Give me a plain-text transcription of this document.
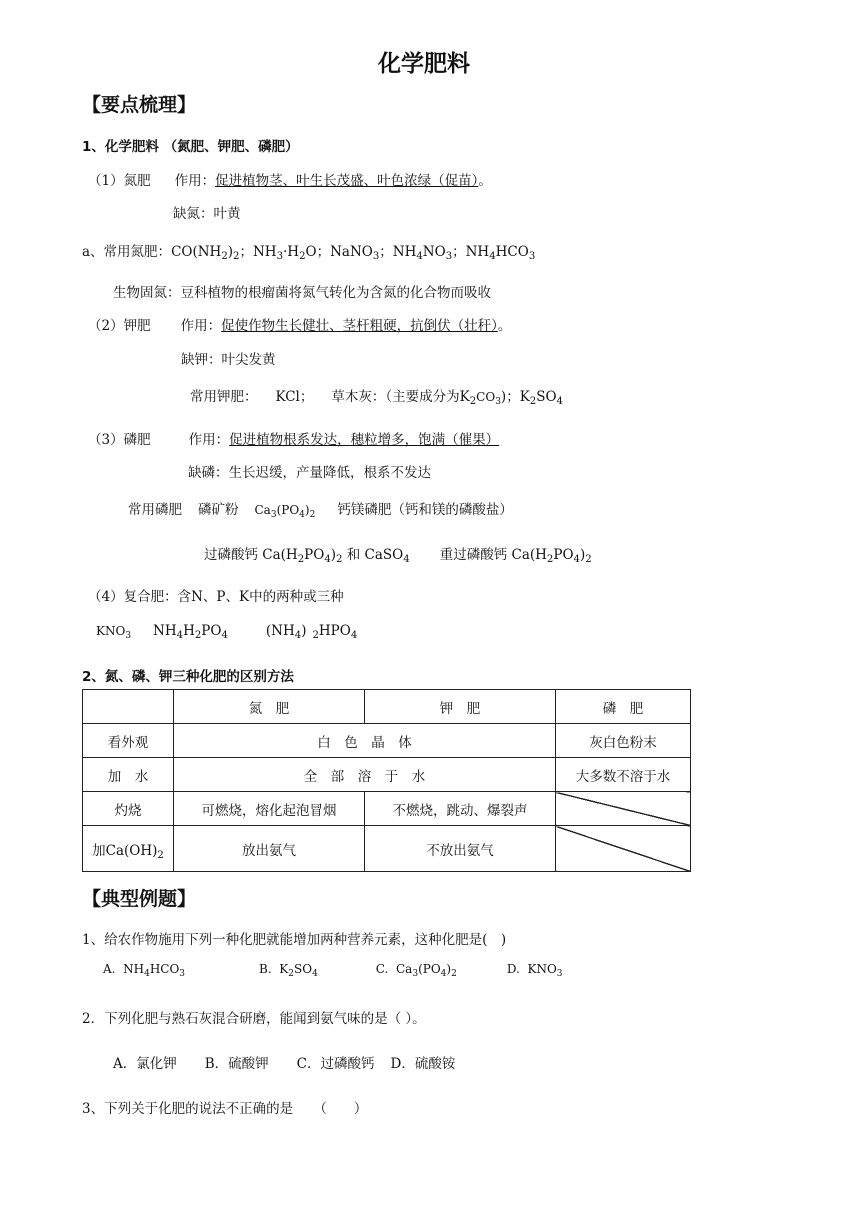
化学肥料
【要点梳理】
1、化学肥料 （氮肥、钾肥、磷肥）
（1）氮肥 作用：促进植物茎、叶生长茂盛、叶色浓绿（促苗）。
缺氮：叶黄
a、常用氮肥：$CO(NH_2)_2$；$NH_3\cdot H_2O$；NaNO$_3$；$NH_4NO_3$；$NH_4HCO_3$
生物固氮：豆科植物的根瘤菌将氮气转化为含氮的化合物而吸收
（2）钾肥 作用：促使作物生长健壮、茎杆粗硬，抗倒伏（壮秆）。
缺钾：叶尖发黄
常用钾肥： KCl； 草木灰：（主要成分为$K_2CO_3$)；$K_2SO_4$
（3）磷肥	作用：促进植物根系发达，穗粒增多，饱满（催果）
缺磷：生长迟缓，产量降低，根系不发达
常用磷肥 磷矿粉 $Ca_3(PO_4)_2$ 钙镁磷肥（钙和镁的磷酸盐）
过磷酸钙 $Ca(H_2PO_4)_2$ 和 CaSO$_4$ 重过磷酸钙 $Ca(H_2PO_4)_2$
（4）复合肥：含N、P、K中的两种或三种
$KNO_3$ $NH_4H_2PO_4$	$(NH_4)$ $_2HPO_4$
2、氮、磷、钾三种化肥的区别方法
	氮　肥	钾　肥	磷　肥
看外观	白　色　晶　体		灰白色粉末
加　水	全　部　溶　于　水		大多数不溶于水
灼烧	可燃烧，熔化起泡冒烟	不燃烧，跳动、爆裂声	
加$Ca(OH)_2$	放出氨气	不放出氨气	
【典型例题】
1、给农作物施用下列一种化肥就能增加两种营养元素，这种化肥是(　)
A.  $NH_4HCO_3$	B.  $K_2SO_4$	C.  $Ca_3(PO_4)_2$	D.  $KNO_3$
2．下列化肥与熟石灰混合研磨，能闻到氨气味的是（ ）。
A．氯化钾 B．硫酸钾 C．过磷酸钙 D．硫酸铵
3、下列关于化肥的说法不正确的是　　（　　）
